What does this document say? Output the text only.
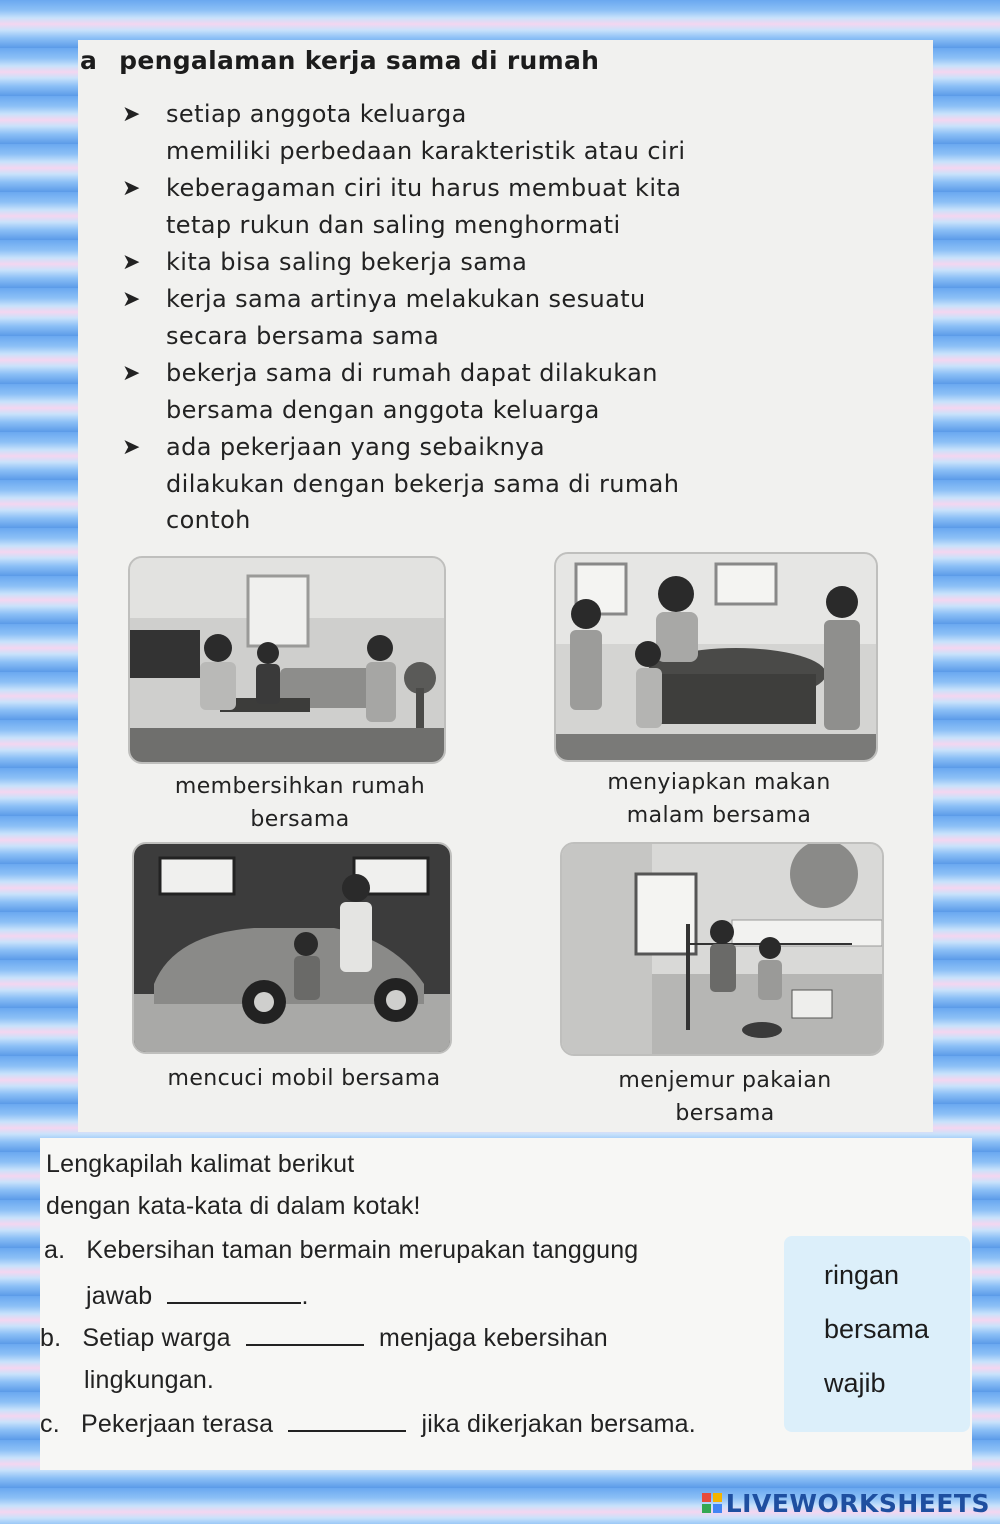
a pengalaman kerja sama di rumah
➤ setiap anggota keluarga
memiliki perbedaan karakteristik atau ciri
➤ keberagaman ciri itu harus membuat kita
tetap rukun dan saling menghormati
➤ kita bisa saling bekerja sama
➤ kerja sama artinya melakukan sesuatu
secara bersama sama
➤ bekerja sama di rumah dapat dilakukan
bersama dengan anggota keluarga
➤ ada pekerjaan yang sebaiknya
dilakukan dengan bekerja sama di rumah
contoh
membersihkan rumah
bersama
menyiapkan makan
malam bersama
mencuci mobil bersama	menjemur pakaian
bersama
Lengkapilah kalimat berikut
dengan kata-kata di dalam kotak!
a. Kebersihan taman bermain merupakan tanggung
jawab	.
b. Setiap warga	menjaga kebersihan
lingkungan.
c. Pekerjaan terasa	jika dikerjakan bersama.
ringan
bersama
wajib
LIVEWORKSHEETS
